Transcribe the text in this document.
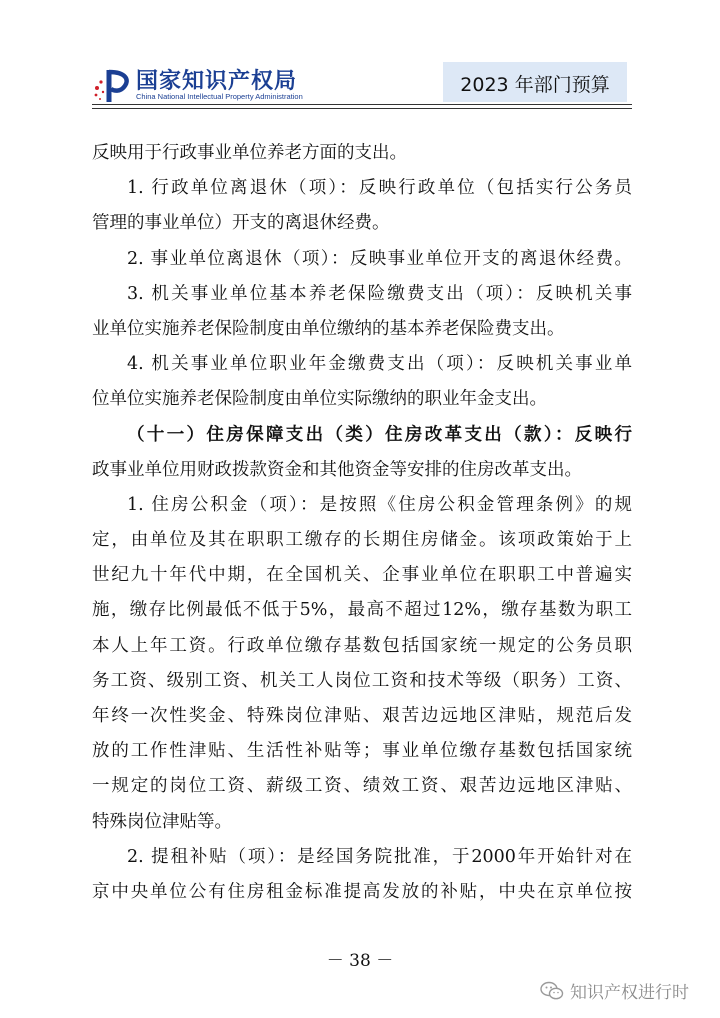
国家知识产权局
China National Intellectual Property Administration
2023 年部门预算
反映用于行政事业单位养老方面的支出。
1. 行政单位离退休（项）：反映行政单位（包括实行公务员
管理的事业单位）开支的离退休经费。
2. 事业单位离退休（项）：反映事业单位开支的离退休经费。
3. 机关事业单位基本养老保险缴费支出（项）：反映机关事
业单位实施养老保险制度由单位缴纳的基本养老保险费支出。
4. 机关事业单位职业年金缴费支出（项）：反映机关事业单
位单位实施养老保险制度由单位实际缴纳的职业年金支出。
（十一）住房保障支出（类）住房改革支出（款）：反映行
政事业单位用财政拨款资金和其他资金等安排的住房改革支出。
1. 住房公积金（项）：是按照《住房公积金管理条例》的规
定，由单位及其在职职工缴存的长期住房储金。该项政策始于上
世纪九十年代中期，在全国机关、企事业单位在职职工中普遍实
施，缴存比例最低不低于5%，最高不超过12%，缴存基数为职工
本人上年工资。行政单位缴存基数包括国家统一规定的公务员职
务工资、级别工资、机关工人岗位工资和技术等级（职务）工资、
年终一次性奖金、特殊岗位津贴、艰苦边远地区津贴，规范后发
放的工作性津贴、生活性补贴等；事业单位缴存基数包括国家统
一规定的岗位工资、薪级工资、绩效工资、艰苦边远地区津贴、
特殊岗位津贴等。
2. 提租补贴（项）：是经国务院批准，于2000年开始针对在
京中央单位公有住房租金标准提高发放的补贴，中央在京单位按
－ 38 －
知识产权进行时
